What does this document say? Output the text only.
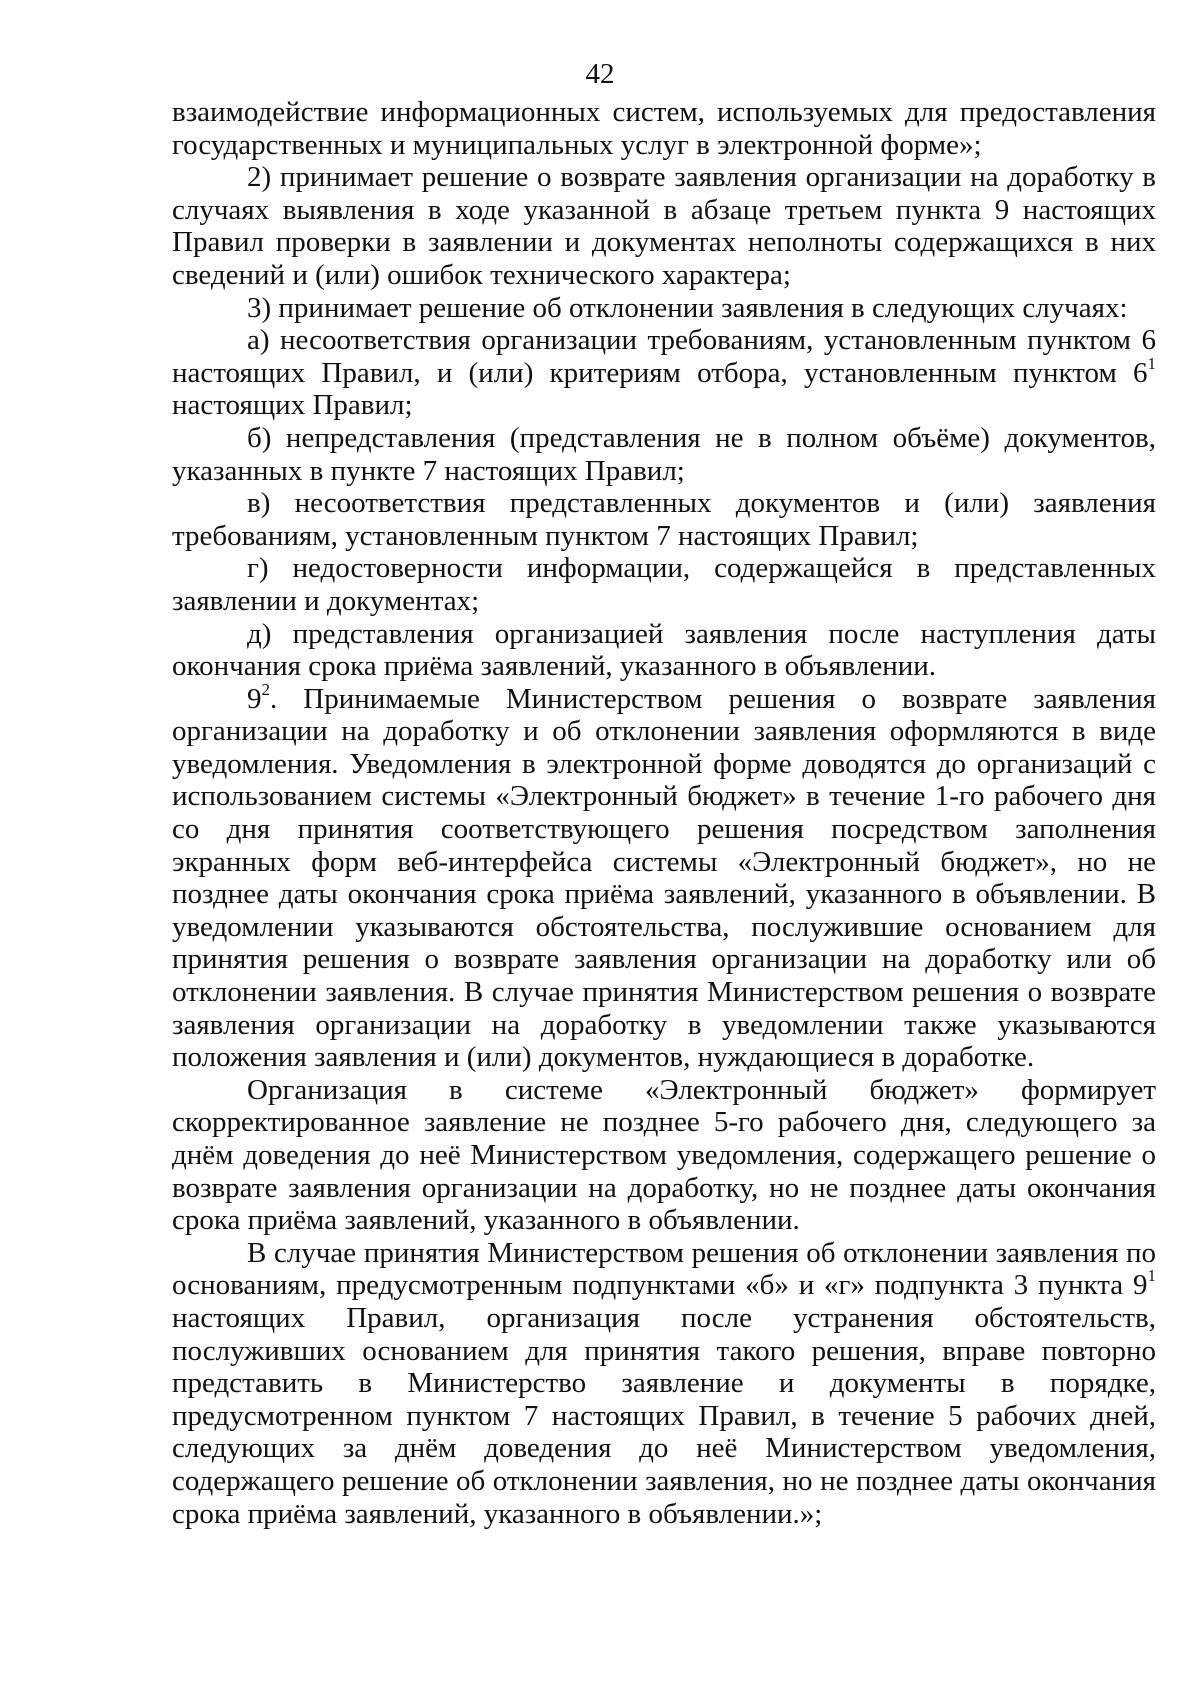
42

взаимодействие информационных систем, используемых для предоставления государственных и муниципальных услуг в электронной форме»;

2) принимает решение о возврате заявления организации на доработку в случаях выявления в ходе указанной в абзаце третьем пункта 9 настоящих Правил проверки в заявлении и документах неполноты содержащихся в них сведений и (или) ошибок технического характера;

3) принимает решение об отклонении заявления в следующих случаях:

а) несоответствия организации требованиям, установленным пунктом 6 настоящих Правил, и (или) критериям отбора, установленным пунктом $6^1$ настоящих Правил;

б) непредставления (представления не в полном объёме) документов, указанных в пункте 7 настоящих Правил;

в) несоответствия представленных документов и (или) заявления требованиям, установленным пунктом 7 настоящих Правил;

г) недостоверности информации, содержащейся в представленных заявлении и документах;

д) представления организацией заявления после наступления даты окончания срока приёма заявлений, указанного в объявлении.

$9^2$. Принимаемые Министерством решения о возврате заявления организации на доработку и об отклонении заявления оформляются в виде уведомления. Уведомления в электронной форме доводятся до организаций с использованием системы «Электронный бюджет» в течение 1-го рабочего дня со дня принятия соответствующего решения посредством заполнения экранных форм веб-интерфейса системы «Электронный бюджет», но не позднее даты окончания срока приёма заявлений, указанного в объявлении. В уведомлении указываются обстоятельства, послужившие основанием для принятия решения о возврате заявления организации на доработку или об отклонении заявления. В случае принятия Министерством решения о возврате заявления организации на доработку в уведомлении также указываются положения заявления и (или) документов, нуждающиеся в доработке.

Организация в системе «Электронный бюджет» формирует скорректированное заявление не позднее 5-го рабочего дня, следующего за днём доведения до неё Министерством уведомления, содержащего решение о возврате заявления организации на доработку, но не позднее даты окончания срока приёма заявлений, указанного в объявлении.

В случае принятия Министерством решения об отклонении заявления по основаниям, предусмотренным подпунктами «б» и «г» подпункта 3 пункта $9^1$ настоящих Правил, организация после устранения обстоятельств, послуживших основанием для принятия такого решения, вправе повторно представить в Министерство заявление и документы в порядке, предусмотренном пунктом 7 настоящих Правил, в течение 5 рабочих дней, следующих за днём доведения до неё Министерством уведомления, содержащего решение об отклонении заявления, но не позднее даты окончания срока приёма заявлений, указанного в объявлении.»;
